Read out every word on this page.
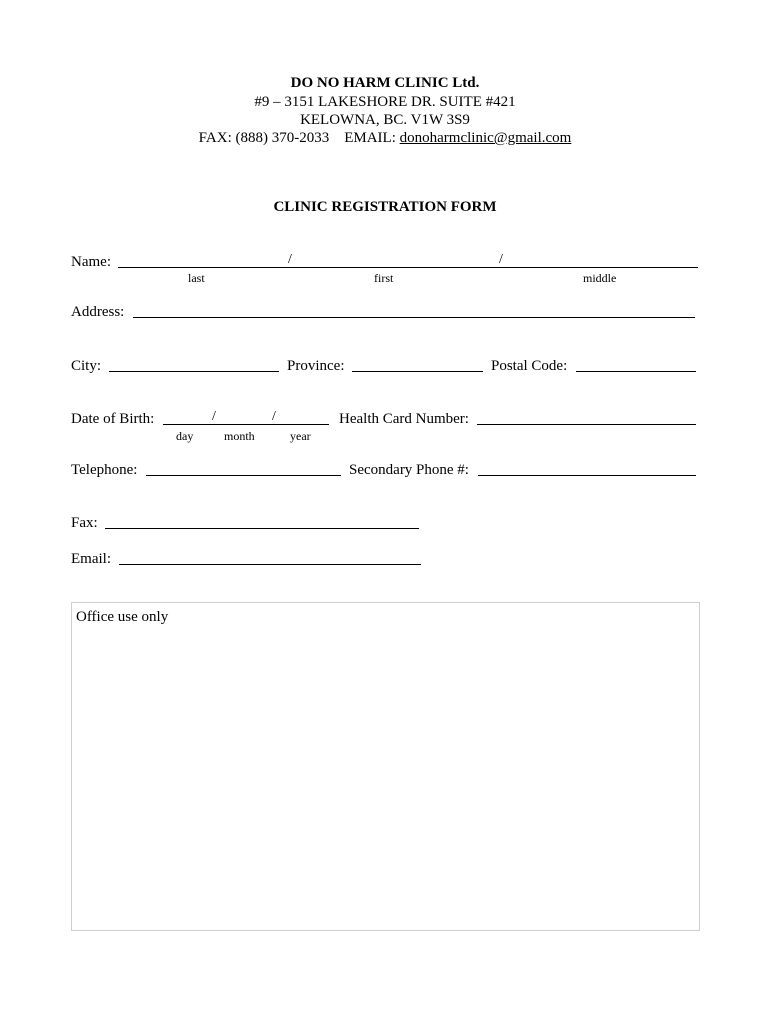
DO NO HARM CLINIC Ltd.
#9 – 3151 LAKESHORE DR. SUITE #421
KELOWNA, BC. V1W 3S9
FAX: (888) 370-2033    EMAIL: donoharmclinic@gmail.com
CLINIC REGISTRATION FORM
Name:	/	/
last	first	middle
Address:
City:	Province:	Postal Code:
Date of Birth:	/	/
day	month	year
Health Card Number:
Telephone:	Secondary Phone #:
Fax:
Email:
Office use only
